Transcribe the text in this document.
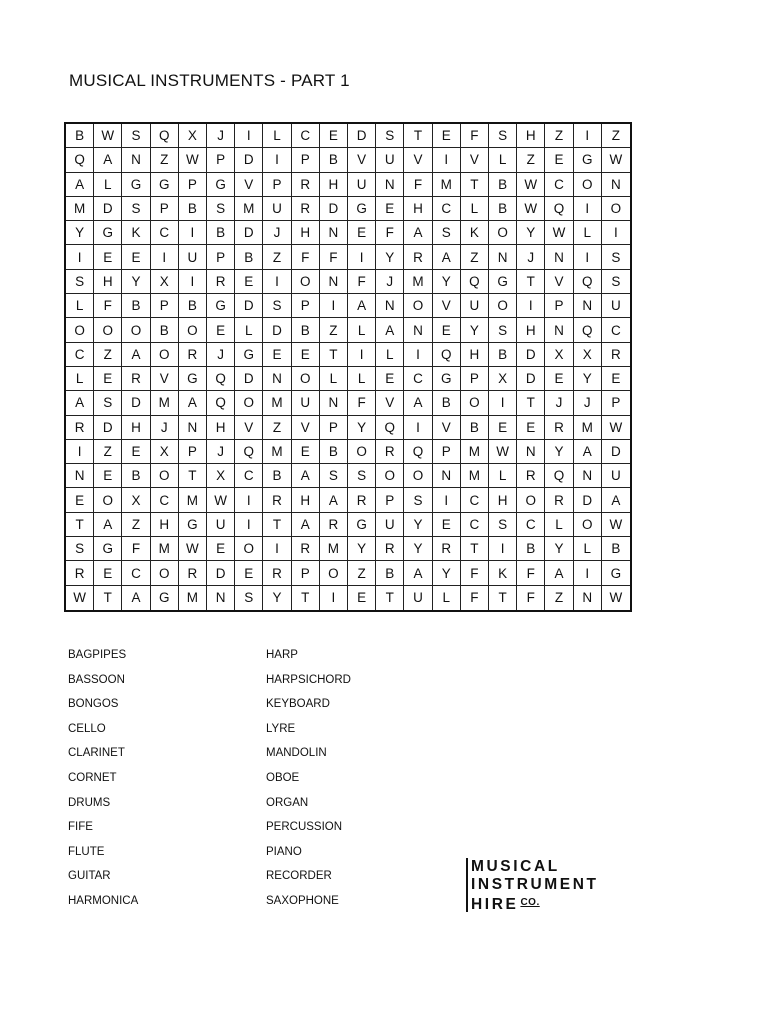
MUSICAL INSTRUMENTS - PART 1
B	W	S	Q	X	J	I	L	C	E	D	S	T	E	F	S	H	Z	I	Z
Q	A	N	Z	W	P	D	I	P	B	V	U	V	I	V	L	Z	E	G	W
A	L	G	G	P	G	V	P	R	H	U	N	F	M	T	B	W	C	O	N
M	D	S	P	B	S	M	U	R	D	G	E	H	C	L	B	W	Q	I	O
Y	G	K	C	I	B	D	J	H	N	E	F	A	S	K	O	Y	W	L	I
I	E	E	I	U	P	B	Z	F	F	I	Y	R	A	Z	N	J	N	I	S
S	H	Y	X	I	R	E	I	O	N	F	J	M	Y	Q	G	T	V	Q	S
L	F	B	P	B	G	D	S	P	I	A	N	O	V	U	O	I	P	N	U
O	O	O	B	O	E	L	D	B	Z	L	A	N	E	Y	S	H	N	Q	C
C	Z	A	O	R	J	G	E	E	T	I	L	I	Q	H	B	D	X	X	R
L	E	R	V	G	Q	D	N	O	L	L	E	C	G	P	X	D	E	Y	E
A	S	D	M	A	Q	O	M	U	N	F	V	A	B	O	I	T	J	J	P
R	D	H	J	N	H	V	Z	V	P	Y	Q	I	V	B	E	E	R	M	W
I	Z	E	X	P	J	Q	M	E	B	O	R	Q	P	M	W	N	Y	A	D
N	E	B	O	T	X	C	B	A	S	S	O	O	N	M	L	R	Q	N	U
E	O	X	C	M	W	I	R	H	A	R	P	S	I	C	H	O	R	D	A
T	A	Z	H	G	U	I	T	A	R	G	U	Y	E	C	S	C	L	O	W
S	G	F	M	W	E	O	I	R	M	Y	R	Y	R	T	I	B	Y	L	B
R	E	C	O	R	D	E	R	P	O	Z	B	A	Y	F	K	F	A	I	G
W	T	A	G	M	N	S	Y	T	I	E	T	U	L	F	T	F	Z	N	W
BAGPIPES
BASSOON
BONGOS
CELLO
CLARINET
CORNET
DRUMS
FIFE
FLUTE
GUITAR
HARMONICA
HARP
HARPSICHORD
KEYBOARD
LYRE
MANDOLIN
OBOE
ORGAN
PERCUSSION
PIANO
RECORDER
SAXOPHONE
MUSICAL
INSTRUMENT
HIRE $^{CO.}$
